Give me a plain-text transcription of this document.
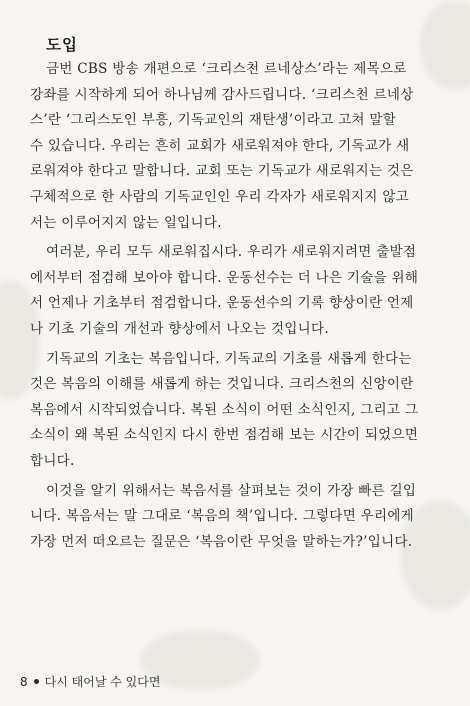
도입
금번 CBS 방송 개편으로 ‘크리스천 르네상스’라는 제목으로
강좌를 시작하게 되어 하나님께 감사드립니다. ‘크리스천 르네상
스’란 ‘그리스도인 부흥, 기독교인의 재탄생’이라고 고쳐 말할
수 있습니다. 우리는 흔히 교회가 새로워져야 한다, 기독교가 새
로워져야 한다고 말합니다. 교회 또는 기독교가 새로워지는 것은
구체적으로 한 사람의 기독교인인 우리 각자가 새로워지지 않고
서는 이루어지지 않는 일입니다.
여러분, 우리 모두 새로워집시다. 우리가 새로워지려면 출발점
에서부터 점검해 보아야 합니다. 운동선수는 더 나은 기술을 위해
서 언제나 기초부터 점검합니다. 운동선수의 기록 향상이란 언제
나 기초 기술의 개선과 향상에서 나오는 것입니다.
기독교의 기초는 복음입니다. 기독교의 기초를 새롭게 한다는
것은 복음의 이해를 새롭게 하는 것입니다. 크리스천의 신앙이란
복음에서 시작되었습니다. 복된 소식이 어떤 소식인지, 그리고 그
소식이 왜 복된 소식인지 다시 한번 점검해 보는 시간이 되었으면
합니다.
이것을 알기 위해서는 복음서를 살펴보는 것이 가장 빠른 길입
니다. 복음서는 말 그대로 ‘복음의 책’입니다. 그렇다면 우리에게
가장 먼저 떠오르는 질문은 ‘복음이란 무엇을 말하는가?’입니다.
8 다시 태어날 수 있다면
